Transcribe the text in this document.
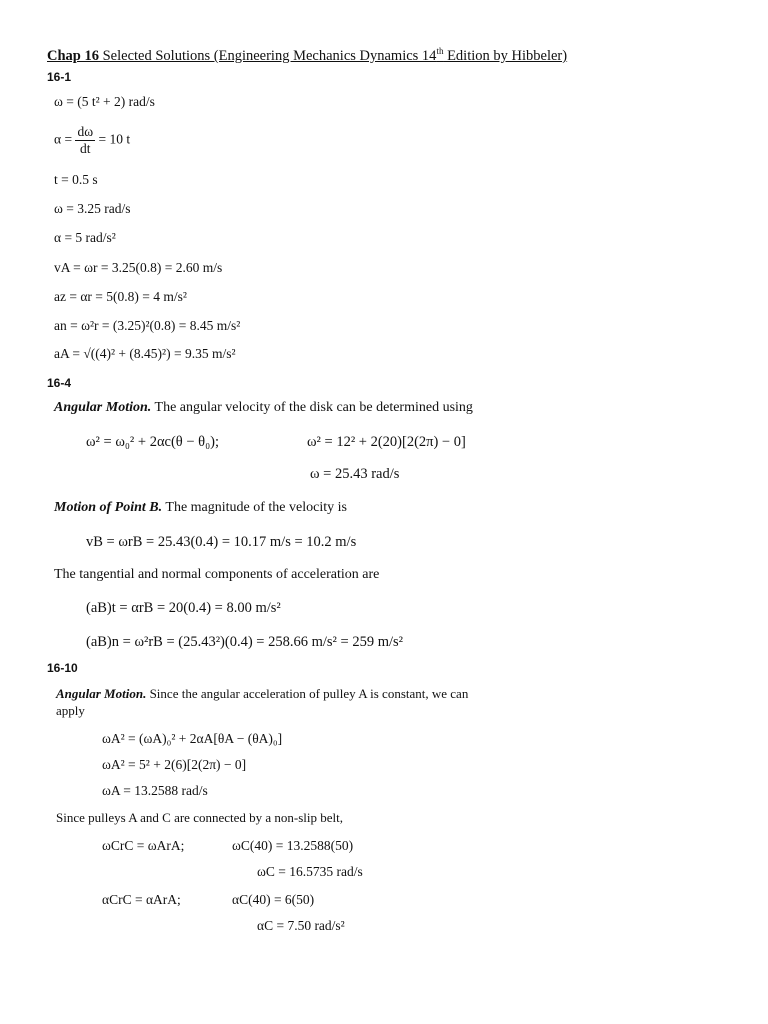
Chap 16 Selected Solutions (Engineering Mechanics Dynamics 14th Edition by Hibbeler)
16-1
ω = (5 t² + 2) rad/s
$\alpha = \frac{d\omega}{dt} = 10$ t
t = 0.5 s
ω = 3.25 rad/s
α = 5 rad/s²
vA = ωr = 3.25(0.8) = 2.60 m/s
az = αr = 5(0.8) = 4 m/s²
an = ω²r = (3.25)²(0.8) = 8.45 m/s²
aA = √((4)² + (8.45)²) = 9.35 m/s²
16-4
Angular Motion. The angular velocity of the disk can be determined using
ω² = ω₀² + 2αc(θ − θ₀);	ω² = 12² + 2(20)[2(2π) − 0]
ω = 25.43 rad/s
Motion of Point B. The magnitude of the velocity is
vB = ωrB = 25.43(0.4) = 10.17 m/s = 10.2 m/s
The tangential and normal components of acceleration are
(aB)t = αrB = 20(0.4) = 8.00 m/s²
(aB)n = ω²rB = (25.43²)(0.4) = 258.66 m/s² = 259 m/s²
16-10
Angular Motion. Since the angular acceleration of pulley A is constant, we can
apply
ωA² = (ωA)₀² + 2αA[θA − (θA)₀]
ωA² = 5² + 2(6)[2(2π) − 0]
ωA = 13.2588 rad/s
Since pulleys A and C are connected by a non-slip belt,
ωCrC = ωArA;	ωC(40) = 13.2588(50)
ωC = 16.5735 rad/s
αCrC = αArA;	αC(40) = 6(50)
αC = 7.50 rad/s²
